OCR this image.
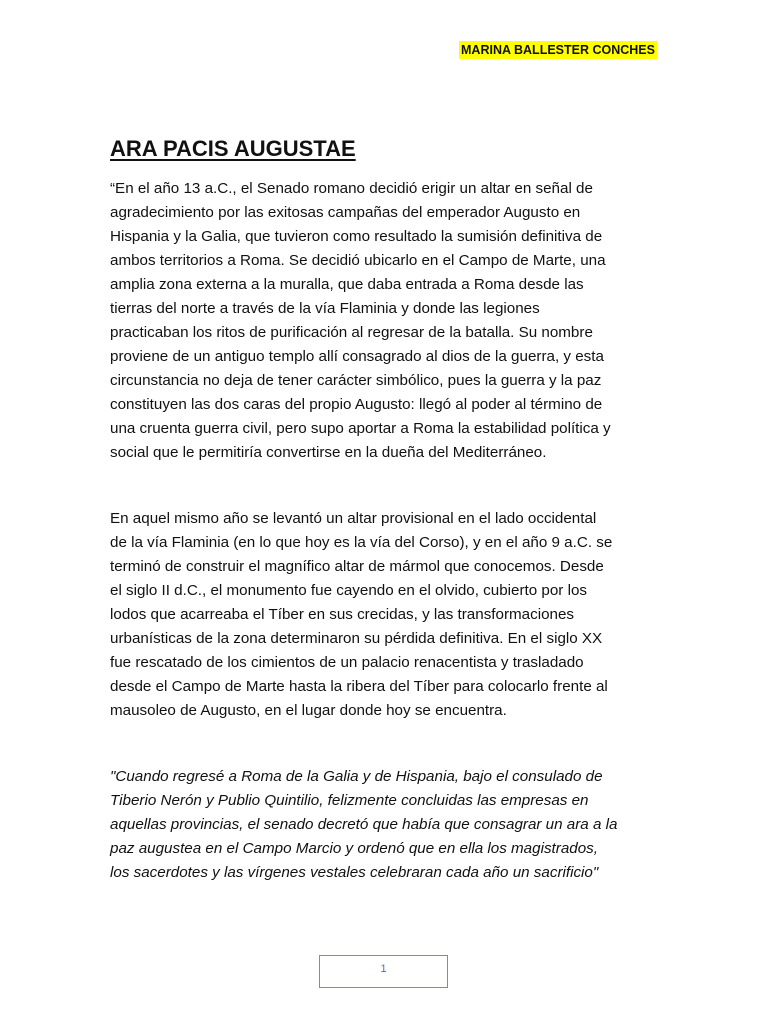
MARINA BALLESTER CONCHES
ARA PACIS AUGUSTAE

“En el año 13 a.C., el Senado romano decidió erigir un altar en señal de
agradecimiento por las exitosas campañas del emperador Augusto en
Hispania y la Galia, que tuvieron como resultado la sumisión definitiva de
ambos territorios a Roma. Se decidió ubicarlo en el Campo de Marte, una
amplia zona externa a la muralla, que daba entrada a Roma desde las
tierras del norte a través de la vía Flaminia y donde las legiones
practicaban los ritos de purificación al regresar de la batalla. Su nombre
proviene de un antiguo templo allí consagrado al dios de la guerra, y esta
circunstancia no deja de tener carácter simbólico, pues la guerra y la paz
constituyen las dos caras del propio Augusto: llegó al poder al término de
una cruenta guerra civil, pero supo aportar a Roma la estabilidad política y
social que le permitiría convertirse en la dueña del Mediterráneo.

En aquel mismo año se levantó un altar provisional en el lado occidental
de la vía Flaminia (en lo que hoy es la vía del Corso), y en el año 9 a.C. se
terminó de construir el magnífico altar de mármol que conocemos. Desde
el siglo II d.C., el monumento fue cayendo en el olvido, cubierto por los
lodos que acarreaba el Tíber en sus crecidas, y las transformaciones
urbanísticas de la zona determinaron su pérdida definitiva. En el siglo XX
fue rescatado de los cimientos de un palacio renacentista y trasladado
desde el Campo de Marte hasta la ribera del Tíber para colocarlo frente al
mausoleo de Augusto, en el lugar donde hoy se encuentra.

"Cuando regresé a Roma de la Galia y de Hispania, bajo el consulado de
Tiberio Nerón y Publio Quintilio, felizmente concluidas las empresas en
aquellas provincias, el senado decretó que había que consagrar un ara a la
paz augustea en el Campo Marcio y ordenó que en ella los magistrados,
los sacerdotes y las vírgenes vestales celebraran cada año un sacrificio"

1
